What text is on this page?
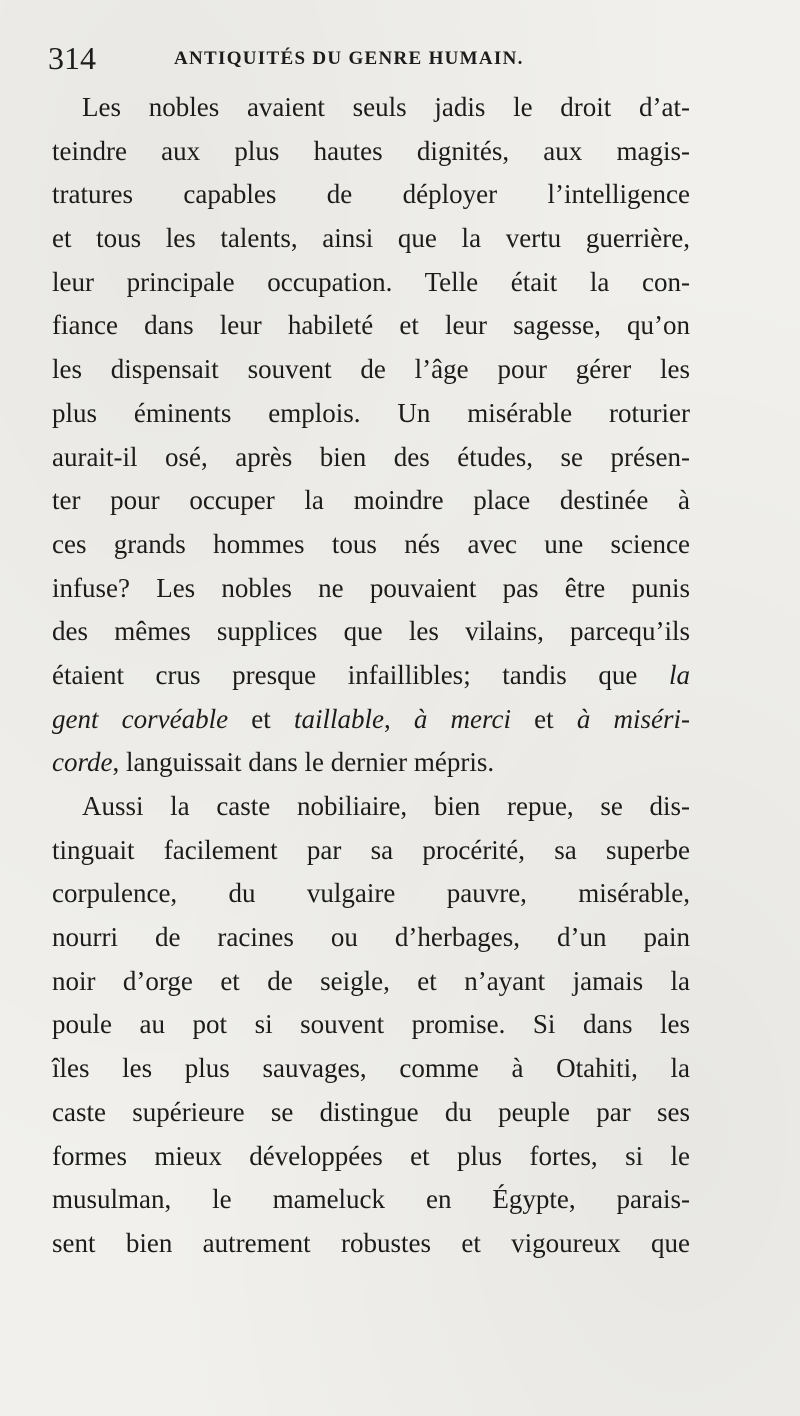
314	ANTIQUITÉS DU GENRE HUMAIN.
Les nobles avaient seuls jadis le droit d’at-
teindre aux plus hautes dignités, aux magis-
tratures capables de déployer l’intelligence
et tous les talents, ainsi que la vertu guerrière,
leur principale occupation. Telle était la con-
fiance dans leur habileté et leur sagesse, qu’on
les dispensait souvent de l’âge pour gérer les
plus éminents emplois. Un misérable roturier
aurait-il osé, après bien des études, se présen-
ter pour occuper la moindre place destinée à
ces grands hommes tous nés avec une science
infuse? Les nobles ne pouvaient pas être punis
des mêmes supplices que les vilains, parcequ’ils
étaient crus presque infaillibles; tandis que la
gent corvéable et taillable, à merci et à miséri-
corde, languissait dans le dernier mépris.
Aussi la caste nobiliaire, bien repue, se dis-
tinguait facilement par sa procérité, sa superbe
corpulence, du vulgaire pauvre, misérable,
nourri de racines ou d’herbages, d’un pain
noir d’orge et de seigle, et n’ayant jamais la
poule au pot si souvent promise. Si dans les
îles les plus sauvages, comme à Otahiti, la
caste supérieure se distingue du peuple par ses
formes mieux développées et plus fortes, si le
musulman, le mameluck en Égypte, parais-
sent bien autrement robustes et vigoureux que
